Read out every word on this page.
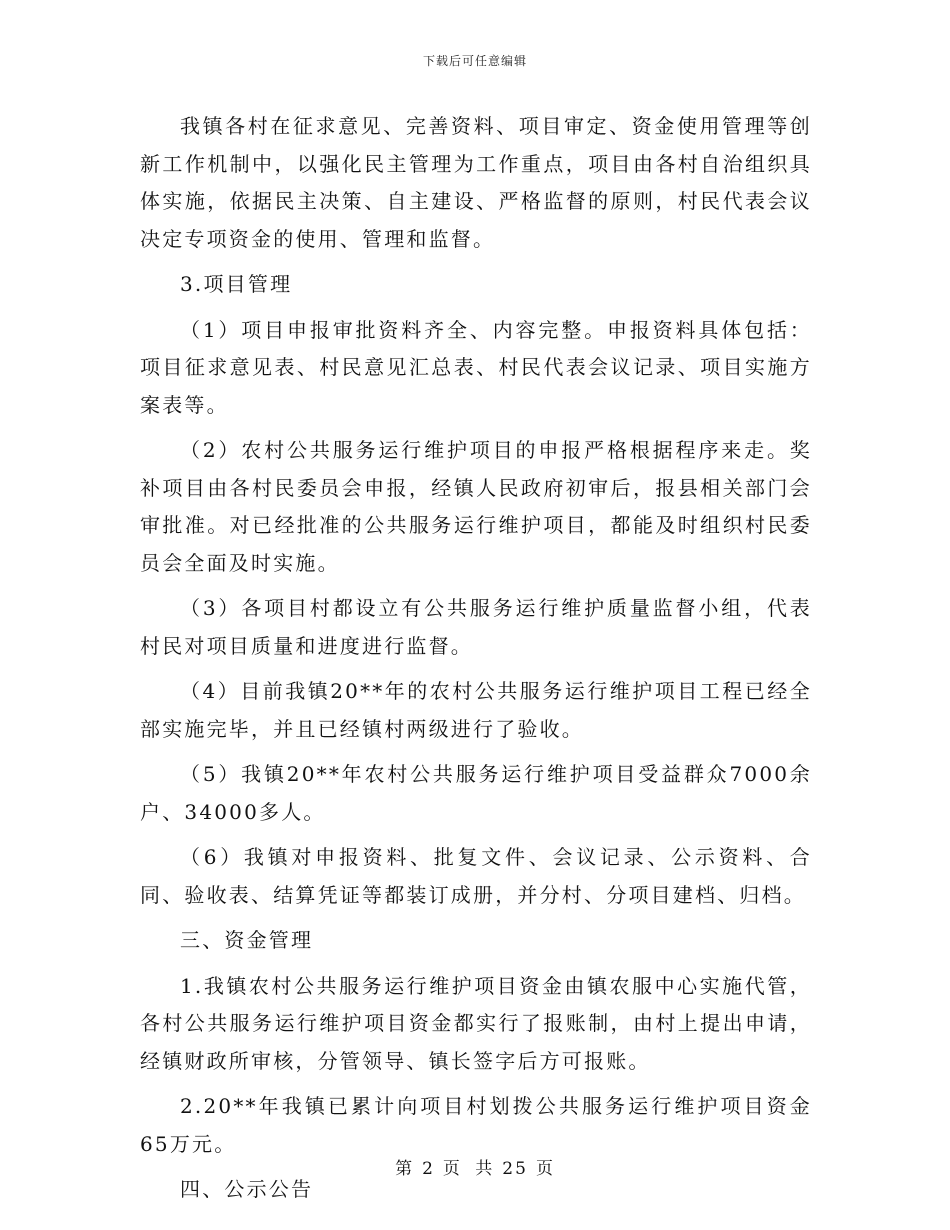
下载后可任意编辑

我镇各村在征求意见、完善资料、项目审定、资金使用管理等创新工作机制中，以强化民主管理为工作重点，项目由各村自治组织具体实施，依据民主决策、自主建设、严格监督的原则，村民代表会议决定专项资金的使用、管理和监督。

3.项目管理

（1）项目申报审批资料齐全、内容完整。申报资料具体包括：项目征求意见表、村民意见汇总表、村民代表会议记录、项目实施方案表等。

（2）农村公共服务运行维护项目的申报严格根据程序来走。奖补项目由各村民委员会申报，经镇人民政府初审后，报县相关部门会审批准。对已经批准的公共服务运行维护项目，都能及时组织村民委员会全面及时实施。

（3）各项目村都设立有公共服务运行维护质量监督小组，代表村民对项目质量和进度进行监督。

（4）目前我镇20**年的农村公共服务运行维护项目工程已经全部实施完毕，并且已经镇村两级进行了验收。

（5）我镇20**年农村公共服务运行维护项目受益群众7000余户、34000多人。

（6）我镇对申报资料、批复文件、会议记录、公示资料、合同、验收表、结算凭证等都装订成册，并分村、分项目建档、归档。

三、资金管理

1.我镇农村公共服务运行维护项目资金由镇农服中心实施代管，各村公共服务运行维护项目资金都实行了报账制，由村上提出申请，经镇财政所审核，分管领导、镇长签字后方可报账。

2.20**年我镇已累计向项目村划拨公共服务运行维护项目资金65万元。

四、公示公告

第 2 页 共 25 页
